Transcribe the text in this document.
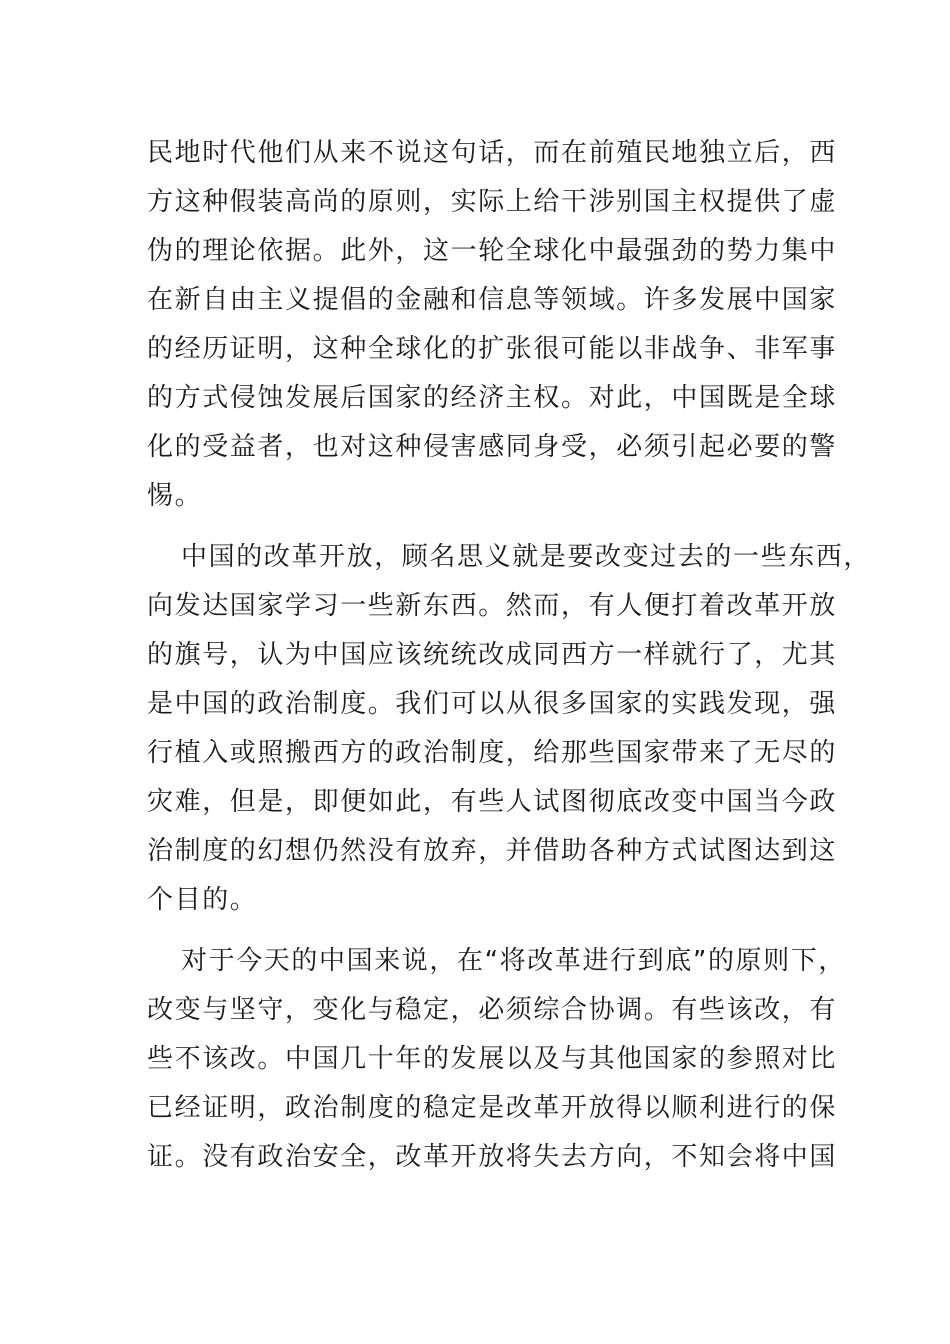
民地时代他们从来不说这句话，而在前殖民地独立后，西
方这种假装高尚的原则，实际上给干涉别国主权提供了虚
伪的理论依据。此外，这一轮全球化中最强劲的势力集中
在新自由主义提倡的金融和信息等领域。许多发展中国家
的经历证明，这种全球化的扩张很可能以非战争、非军事
的方式侵蚀发展后国家的经济主权。对此，中国既是全球
化的受益者，也对这种侵害感同身受，必须引起必要的警
惕。
中国的改革开放，顾名思义就是要改变过去的一些东西，
向发达国家学习一些新东西。然而，有人便打着改革开放
的旗号，认为中国应该统统改成同西方一样就行了，尤其
是中国的政治制度。我们可以从很多国家的实践发现，强
行植入或照搬西方的政治制度，给那些国家带来了无尽的
灾难，但是，即便如此，有些人试图彻底改变中国当今政
治制度的幻想仍然没有放弃，并借助各种方式试图达到这
个目的。
对于今天的中国来说，在“将改革进行到底”的原则下，
改变与坚守，变化与稳定，必须综合协调。有些该改，有
些不该改。中国几十年的发展以及与其他国家的参照对比
已经证明，政治制度的稳定是改革开放得以顺利进行的保
证。没有政治安全，改革开放将失去方向，不知会将中国
